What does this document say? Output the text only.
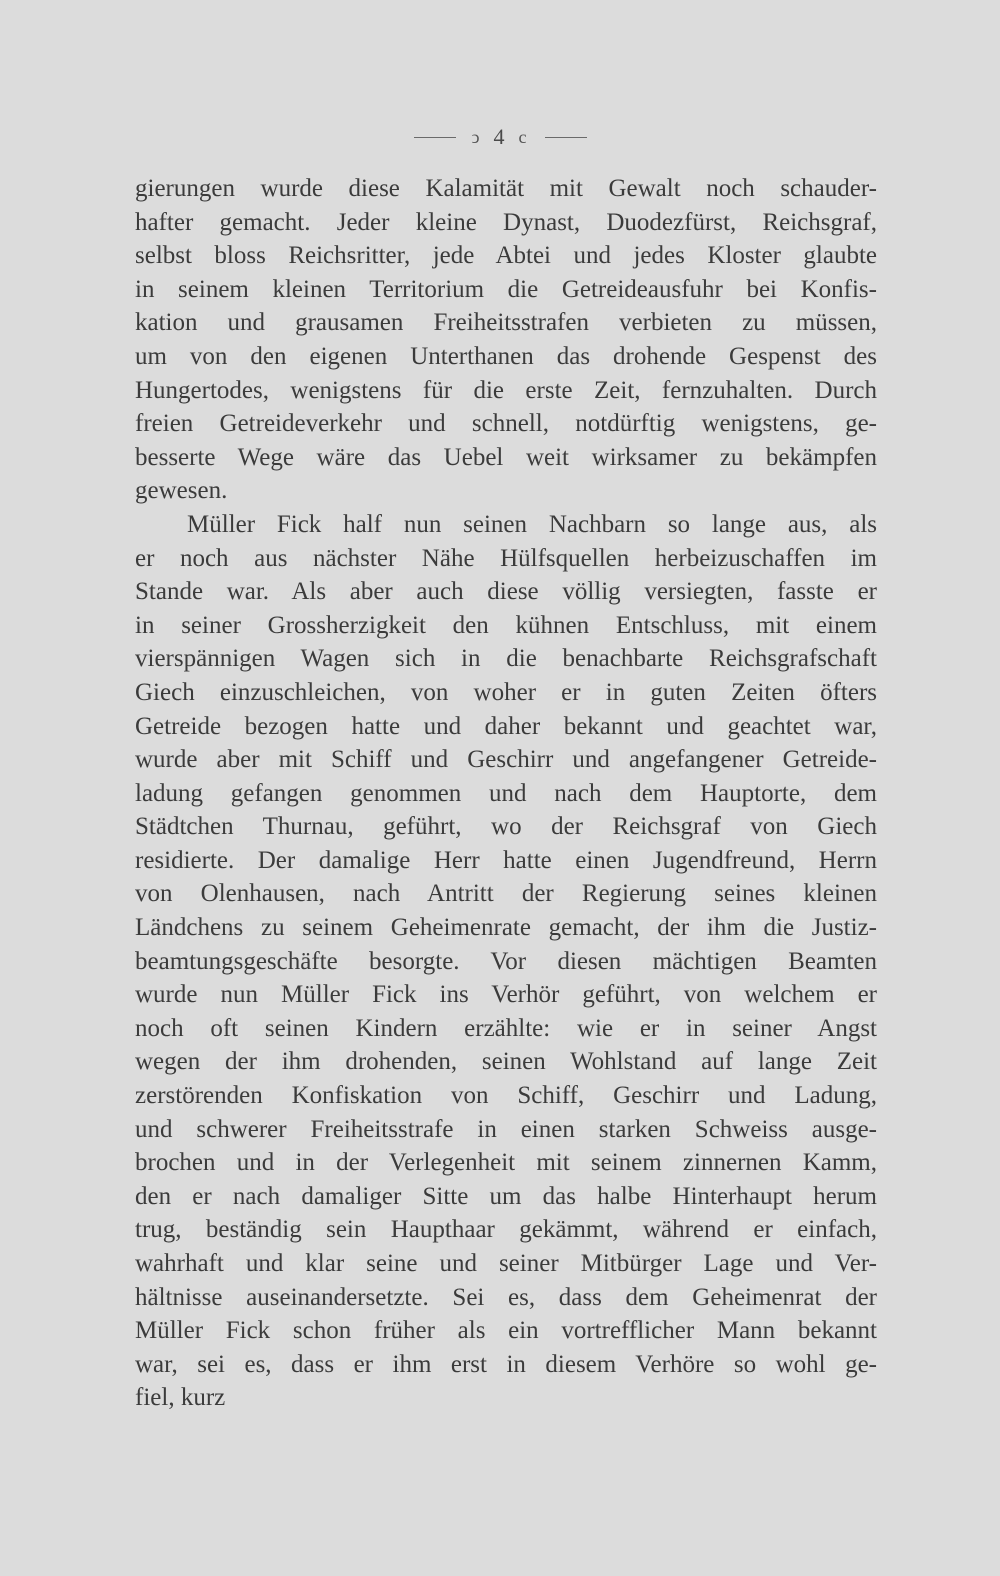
ↄ 4 c
gierungen wurde diese Kalamität mit Gewalt noch schauder-
hafter gemacht. Jeder kleine Dynast, Duodezfürst, Reichsgraf,
selbst bloss Reichsritter, jede Abtei und jedes Kloster glaubte
in seinem kleinen Territorium die Getreideausfuhr bei Konfis-
kation und grausamen Freiheitsstrafen verbieten zu müssen,
um von den eigenen Unterthanen das drohende Gespenst des
Hungertodes, wenigstens für die erste Zeit, fernzuhalten. Durch
freien Getreideverkehr und schnell, notdürftig wenigstens, ge-
besserte Wege wäre das Uebel weit wirksamer zu bekämpfen
gewesen.
Müller Fick half nun seinen Nachbarn so lange aus, als
er noch aus nächster Nähe Hülfsquellen herbeizuschaffen im
Stande war. Als aber auch diese völlig versiegten, fasste er
in seiner Grossherzigkeit den kühnen Entschluss, mit einem
vierspännigen Wagen sich in die benachbarte Reichsgrafschaft
Giech einzuschleichen, von woher er in guten Zeiten öfters
Getreide bezogen hatte und daher bekannt und geachtet war,
wurde aber mit Schiff und Geschirr und angefangener Getreide-
ladung gefangen genommen und nach dem Hauptorte, dem
Städtchen Thurnau, geführt, wo der Reichsgraf von Giech
residierte. Der damalige Herr hatte einen Jugendfreund, Herrn
von Olenhausen, nach Antritt der Regierung seines kleinen
Ländchens zu seinem Geheimenrate gemacht, der ihm die Justiz-
beamtungsgeschäfte besorgte. Vor diesen mächtigen Beamten
wurde nun Müller Fick ins Verhör geführt, von welchem er
noch oft seinen Kindern erzählte: wie er in seiner Angst
wegen der ihm drohenden, seinen Wohlstand auf lange Zeit
zerstörenden Konfiskation von Schiff, Geschirr und Ladung,
und schwerer Freiheitsstrafe in einen starken Schweiss ausge-
brochen und in der Verlegenheit mit seinem zinnernen Kamm,
den er nach damaliger Sitte um das halbe Hinterhaupt herum
trug, beständig sein Haupthaar gekämmt, während er einfach,
wahrhaft und klar seine und seiner Mitbürger Lage und Ver-
hältnisse auseinandersetzte. Sei es, dass dem Geheimenrat der
Müller Fick schon früher als ein vortrefflicher Mann bekannt
war, sei es, dass er ihm erst in diesem Verhöre so wohl ge-
fiel, kurz
